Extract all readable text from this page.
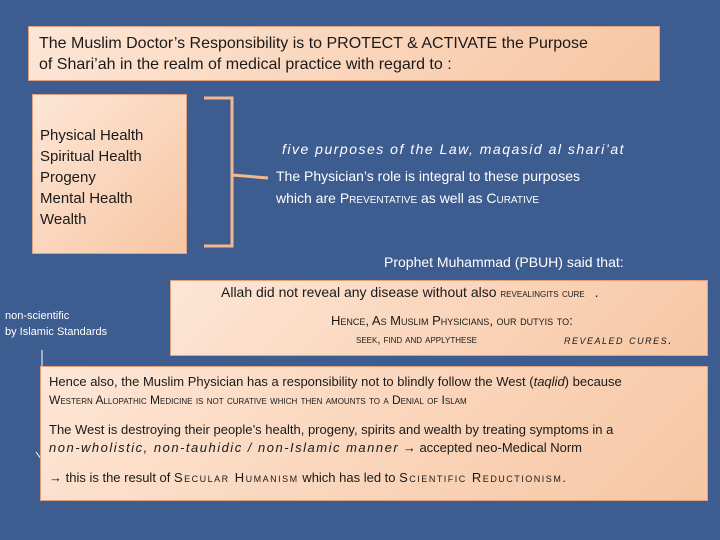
The Muslim Doctor’s Responsibility is to PROTECT & ACTIVATE the Purpose
of Shari’ah in the realm of medical practice with regard to :
Physical Health
Spiritual Health
Progeny
Mental Health
Wealth
five purposes of the Law, maqasid al shari’at
The Physician’s role is integral to these purposes
which are Preventative as well as Curative
Prophet Muhammad (PBUH) said that:
Allah did not reveal any disease without also revealingits cure .
Hence, As Muslim Physicians, our dutyis to:
seek, find and applythese	revealed cures.
non-scientific
by Islamic Standards

Hence also, the Muslim Physician has a responsibility not to blindly follow the West (taqlid) because
Western Allopathic Medicine is not curative which then amounts to a Denial of Islam

The West is destroying their people’s health, progeny, spirits and wealth by treating symptoms in a
non-wholistic, non-tauhidic / non-Islamic manner → accepted neo-Medical Norm

→ this is the result of Secular Humanism which has led to Scientific Reductionism.
